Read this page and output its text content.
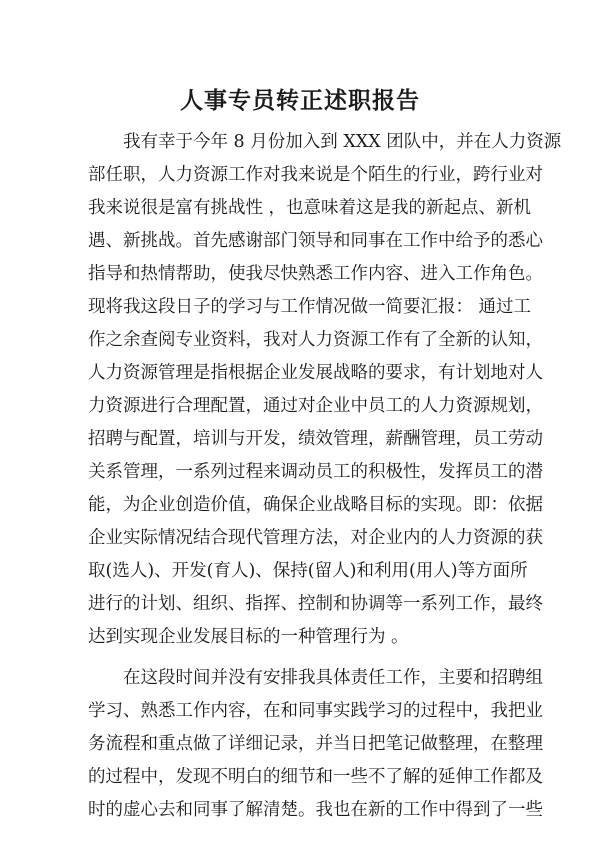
人事专员转正述职报告
我有幸于今年 8 月份加入到 XXX 团队中，并在人力资源
部任职，人力资源工作对我来说是个陌生的行业，跨行业对
我来说很是富有挑战性 ，也意味着这是我的新起点、新机
遇、新挑战。首先感谢部门领导和同事在工作中给予的悉心
指导和热情帮助，使我尽快熟悉工作内容、进入工作角色。
现将我这段日子的学习与工作情况做一简要汇报： 通过工
作之余查阅专业资料，我对人力资源工作有了全新的认知，
人力资源管理是指根据企业发展战略的要求，有计划地对人
力资源进行合理配置，通过对企业中员工的人力资源规划，
招聘与配置，培训与开发，绩效管理，薪酬管理，员工劳动
关系管理，一系列过程来调动员工的积极性，发挥员工的潜
能，为企业创造价值，确保企业战略目标的实现。即：依据
企业实际情况结合现代管理方法，对企业内的人力资源的获
取(选人)、开发(育人)、保持(留人)和利用(用人)等方面所
进行的计划、组织、指挥、控制和协调等一系列工作，最终
达到实现企业发展目标的一种管理行为 。
在这段时间并没有安排我具体责任工作，主要和招聘组
学习、熟悉工作内容，在和同事实践学习的过程中，我把业
务流程和重点做了详细记录，并当日把笔记做整理，在整理
的过程中，发现不明白的细节和一些不了解的延伸工作都及
时的虚心去和同事了解清楚。我也在新的工作中得到了一些
